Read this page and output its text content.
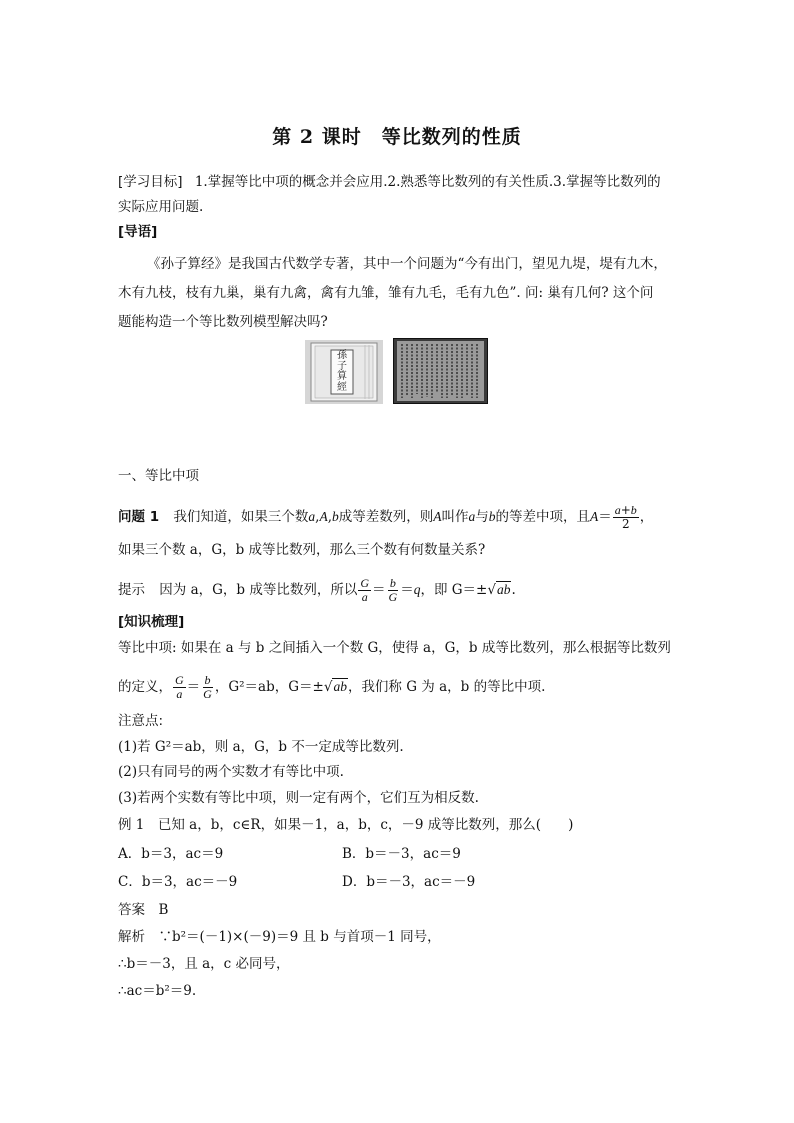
第 2 课时　等比数列的性质
[学习目标] 1.掌握等比中项的概念并会应用.2.熟悉等比数列的有关性质.3.掌握等比数列的
实际应用问题.
[导语]
《孙子算经》是我国古代数学专著，其中一个问题为“今有出门，望见九堤，堤有九木，
木有九枝，枝有九巢，巢有九禽，禽有九雏，雏有九毛，毛有九色”. 问: 巢有几何? 这个问
题能构造一个等比数列模型解决吗?
孫子算經
一、等比中项
问题 1 我们知道，如果三个数a,A,b成等差数列，则A叫作a与b的等差中项，且$A= \frac{a+b}{2}$ ，
如果三个数 a，G，b 成等比数列，那么三个数有何数量关系?
提示 因为 a，G，b 成等比数列，所以 $\frac{G}{a} = \frac{b}{G} =q$，即 G＝±√ab.
[知识梳理]
等比中项: 如果在 a 与 b 之间插入一个数 G，使得 a，G，b 成等比数列，那么根据等比数列
的定义， $\frac{G}{a} = \frac{b}{G}$ ，G²＝ab，G＝±√ab，我们称 G 为 a，b 的等比中项.
注意点:
(1)若 G²＝ab，则 a，G，b 不一定成等比数列.
(2)只有同号的两个实数才有等比中项.
(3)若两个实数有等比中项，则一定有两个，它们互为相反数.
例 1　已知 a，b，c∈R，如果－1，a，b，c，－9 成等比数列，那么(　　)
A．b＝3，ac＝9	B．b＝－3，ac＝9
C．b＝3，ac＝－9	D．b＝－3，ac＝－9
答案　B
解析　∵b²＝(－1)×(－9)＝9 且 b 与首项－1 同号，
∴b＝－3，且 a，c 必同号，
∴ac＝b²＝9.
